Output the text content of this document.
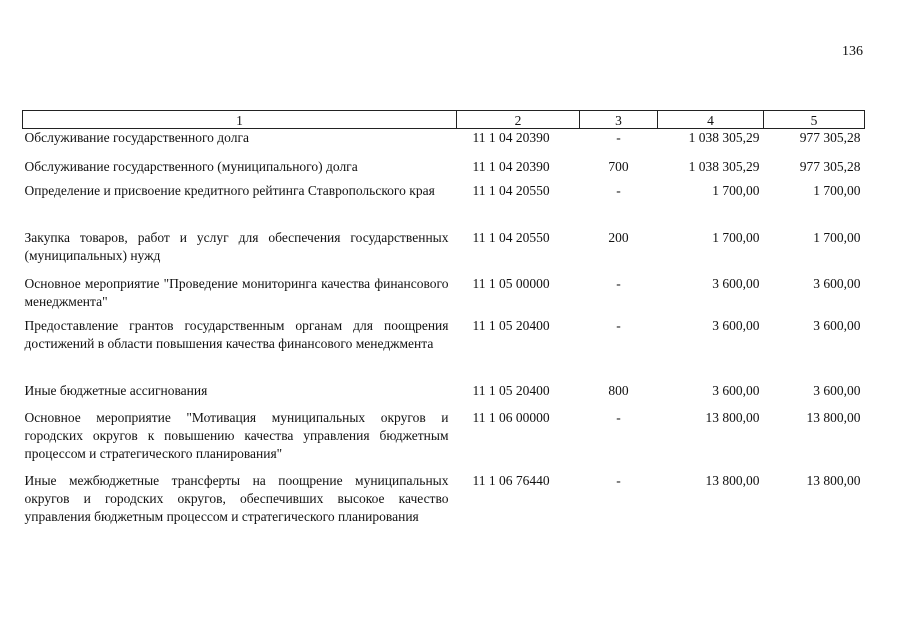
136
1	2	3	4	5
Обслуживание государственного долга	11 1 04 20390	-	1 038 305,29	977 305,28
Обслуживание государственного (муниципального) долга	11 1 04 20390	700	1 038 305,29	977 305,28
Определение и присвоение кредитного рейтинга Ставропольского края	11 1 04 20550	-	1 700,00	1 700,00
Закупка товаров, работ и услуг для обеспечения государственных (муниципальных) нужд	11 1 04 20550	200	1 700,00	1 700,00
Основное мероприятие "Проведение мониторинга качества финансового менеджмента"	11 1 05 00000	-	3 600,00	3 600,00
Предоставление грантов государственным органам для поощрения достижений в области повышения качества финансового менеджмента	11 1 05 20400	-	3 600,00	3 600,00
Иные бюджетные ассигнования	11 1 05 20400	800	3 600,00	3 600,00
Основное мероприятие "Мотивация муниципальных округов и городских округов к повышению качества управления бюджетным процессом и стратегического планирования"	11 1 06 00000	-	13 800,00	13 800,00
Иные межбюджетные трансферты на поощрение муниципальных округов и городских округов, обеспечивших высокое качество управления бюджетным процессом и стратегического планирования	11 1 06 76440	-	13 800,00	13 800,00
